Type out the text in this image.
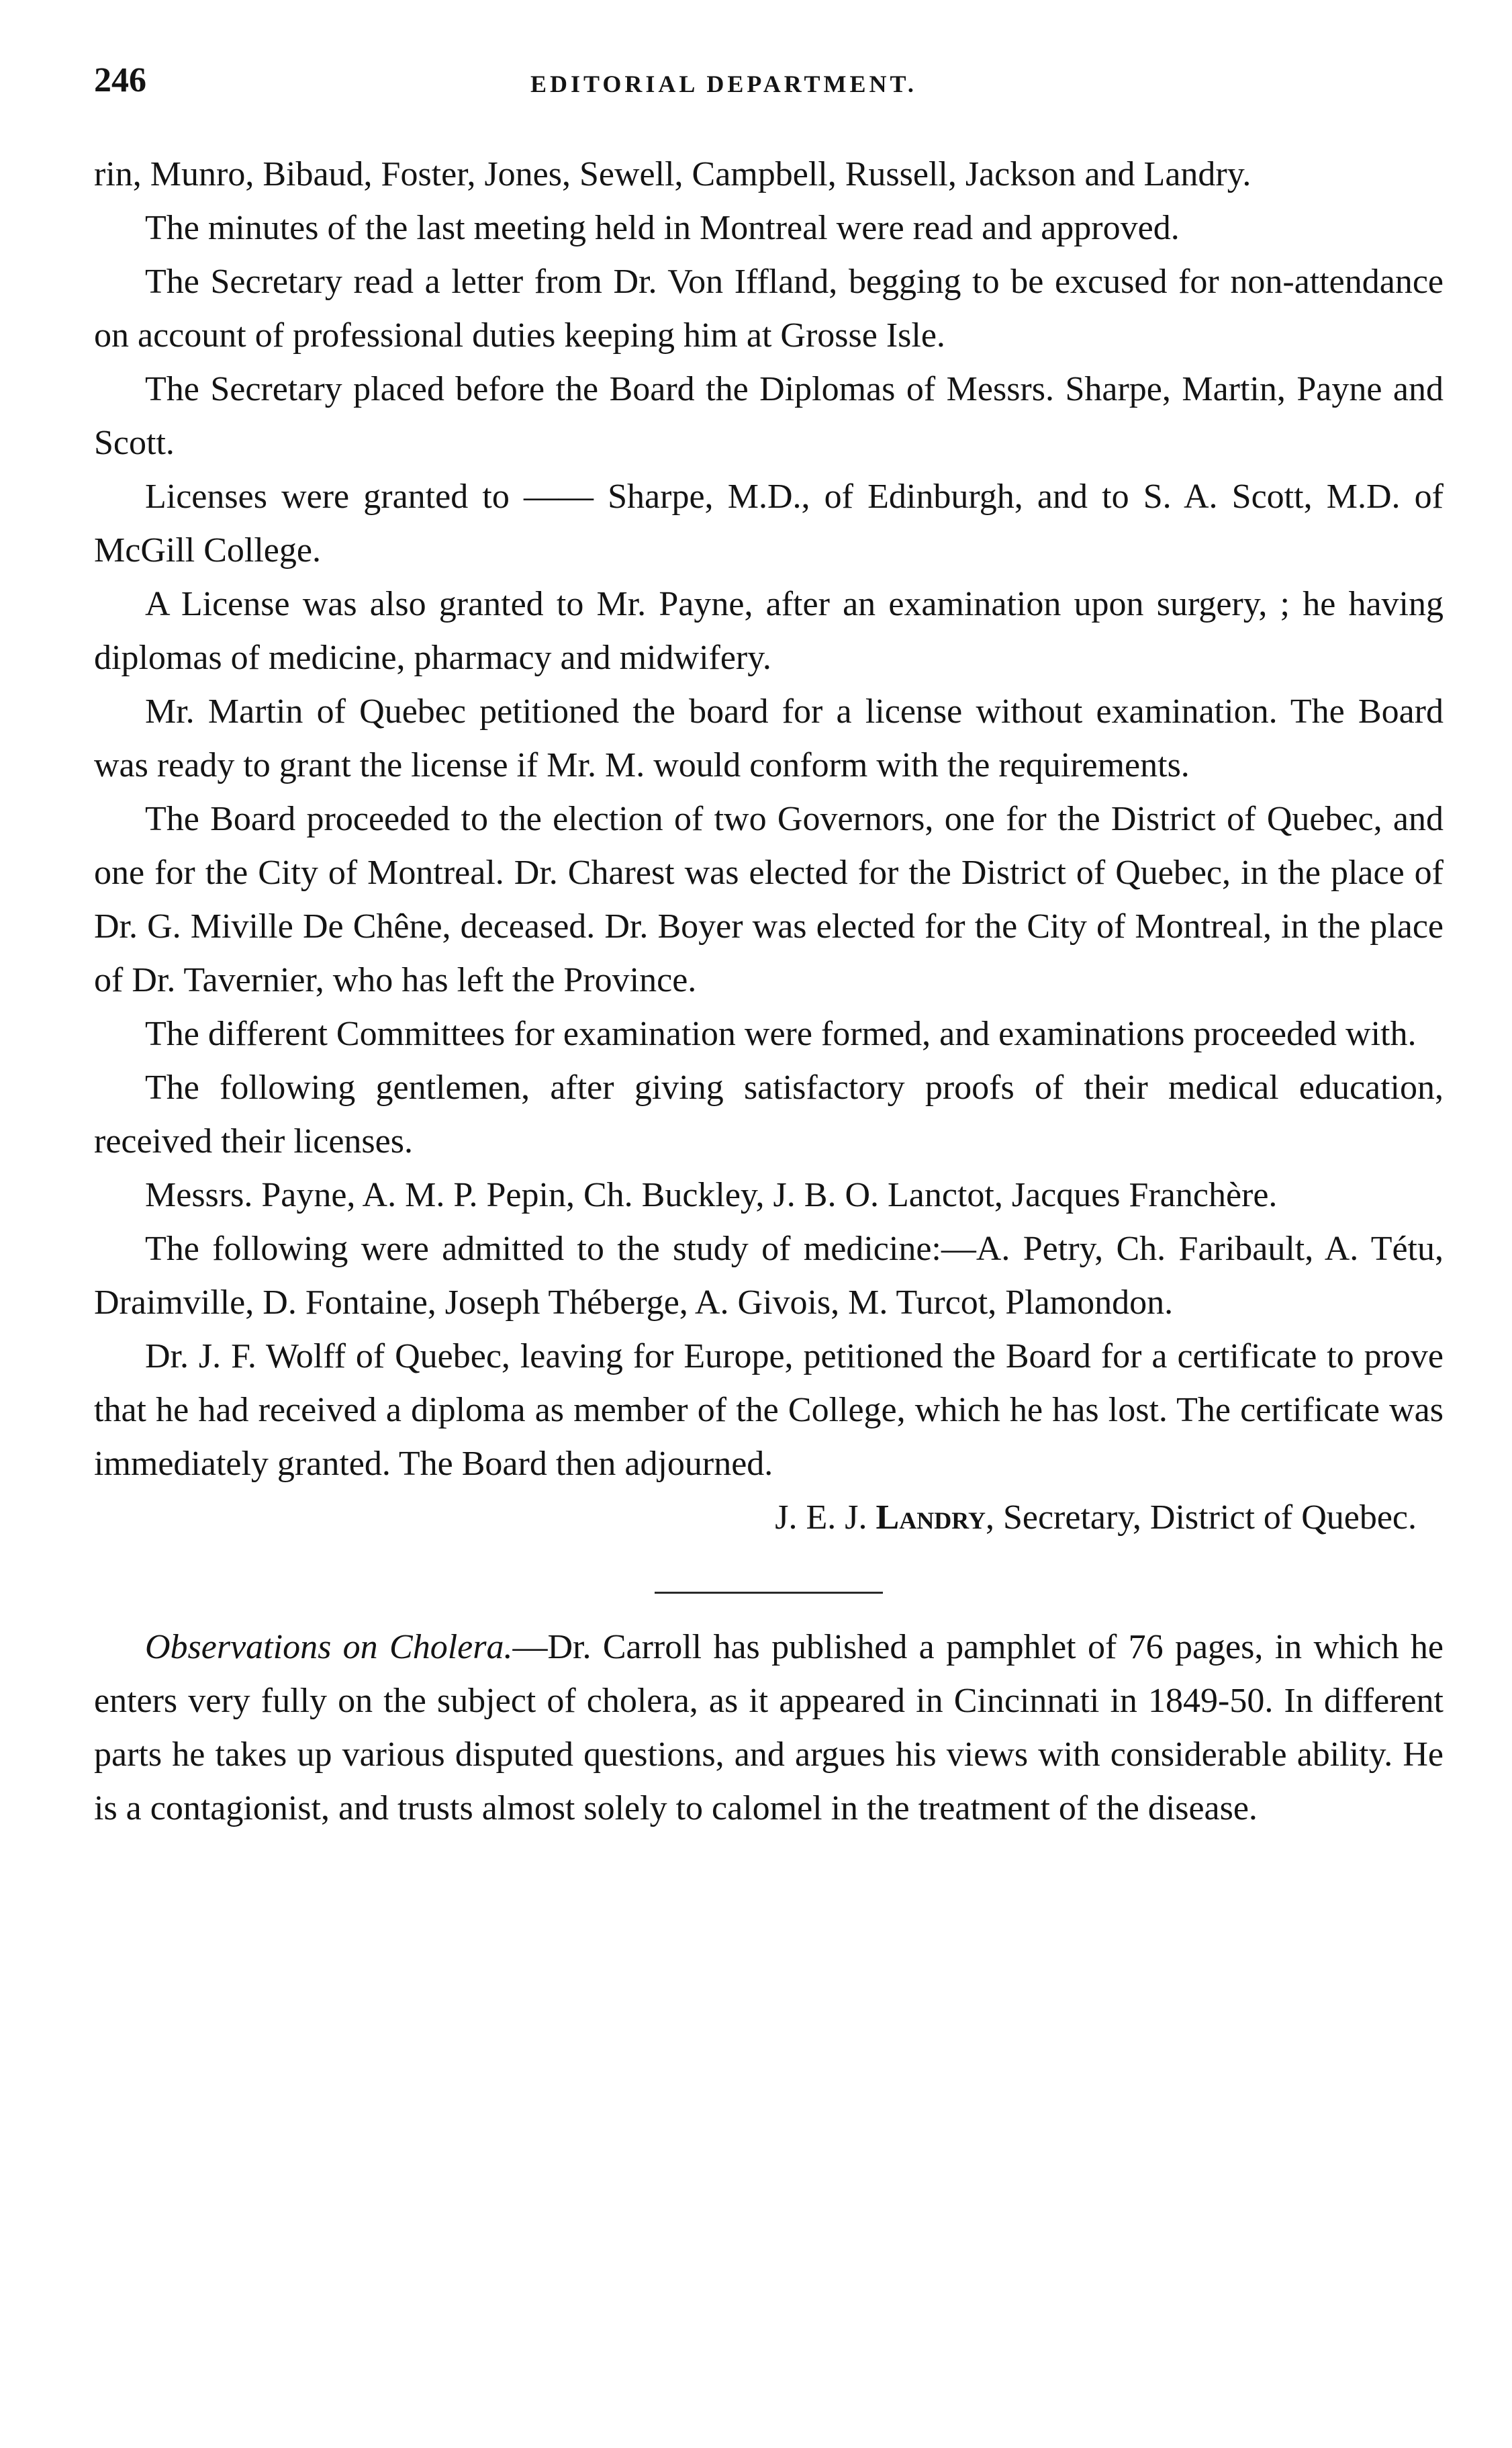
246	EDITORIAL DEPARTMENT.

rin, Munro, Bibaud, Foster, Jones, Sewell, Campbell, Russell, Jackson and Landry.

The minutes of the last meeting held in Montreal were read and approved.

The Secretary read a letter from Dr. Von Iffland, begging to be excused for non-attendance on account of professional duties keeping him at Grosse Isle.

The Secretary placed before the Board the Diplomas of Messrs. Sharpe, Martin, Payne and Scott.

Licenses were granted to —— Sharpe, M.D., of Edinburgh, and to S. A. Scott, M.D. of McGill College.

A License was also granted to Mr. Payne, after an examination upon surgery, ; he having diplomas of medicine, pharmacy and midwifery.

Mr. Martin of Quebec petitioned the board for a license without examination. The Board was ready to grant the license if Mr. M. would conform with the requirements.

The Board proceeded to the election of two Governors, one for the District of Quebec, and one for the City of Montreal. Dr. Charest was elected for the District of Quebec, in the place of Dr. G. Miville De Chêne, deceased. Dr. Boyer was elected for the City of Montreal, in the place of Dr. Tavernier, who has left the Province.

The different Committees for examination were formed, and examinations proceeded with.

The following gentlemen, after giving satisfactory proofs of their medical education, received their licenses.

Messrs. Payne, A. M. P. Pepin, Ch. Buckley, J. B. O. Lanctot, Jacques Franchère.

The following were admitted to the study of medicine:—A. Petry, Ch. Faribault, A. Tétu, Draimville, D. Fontaine, Joseph Théberge, A. Givois, M. Turcot, Plamondon.

Dr. J. F. Wolff of Quebec, leaving for Europe, petitioned the Board for a certificate to prove that he had received a diploma as member of the College, which he has lost. The certificate was immediately granted. The Board then adjourned.

J. E. J. Landry, Secretary, District of Quebec.

Observations on Cholera.—Dr. Carroll has published a pamphlet of 76 pages, in which he enters very fully on the subject of cholera, as it appeared in Cincinnati in 1849-50. In different parts he takes up various disputed questions, and argues his views with considerable ability. He is a contagionist, and trusts almost solely to calomel in the treatment of the disease.
